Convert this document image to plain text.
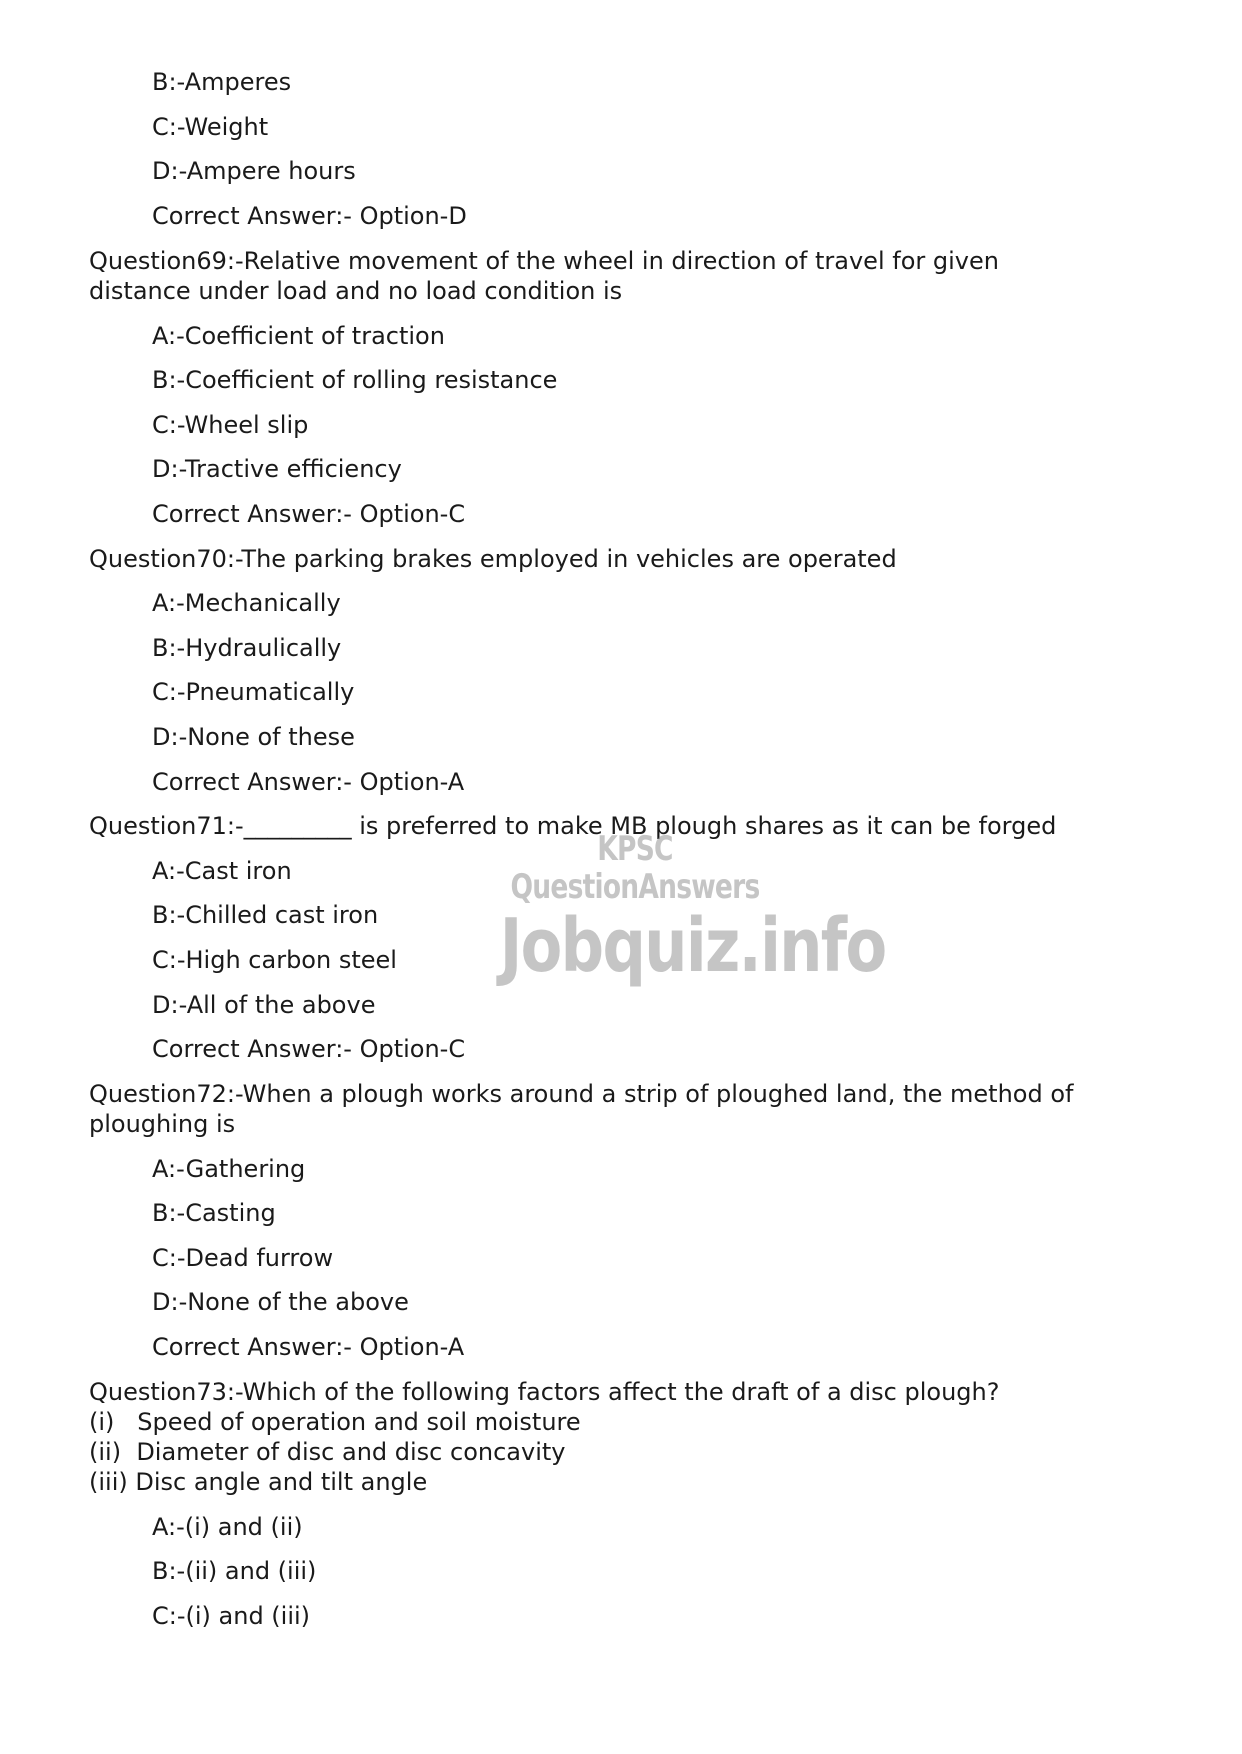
B:-Amperes
C:-Weight
D:-Ampere hours
Correct Answer:- Option-D
Question69:-Relative movement of the wheel in direction of travel for given
distance under load and no load condition is
A:-Coefficient of traction
B:-Coefficient of rolling resistance
C:-Wheel slip
D:-Tractive efficiency
Correct Answer:- Option-C
Question70:-The parking brakes employed in vehicles are operated
A:-Mechanically
B:-Hydraulically
C:-Pneumatically
D:-None of these
Correct Answer:- Option-A
Question71:-_________ is preferred to make MB plough shares as it can be forged
A:-Cast iron
B:-Chilled cast iron
C:-High carbon steel
D:-All of the above
Correct Answer:- Option-C
Question72:-When a plough works around a strip of ploughed land, the method of
ploughing is
A:-Gathering
B:-Casting
C:-Dead furrow
D:-None of the above
Correct Answer:- Option-A
Question73:-Which of the following factors affect the draft of a disc plough?
(i)   Speed of operation and soil moisture
(ii)  Diameter of disc and disc concavity
(iii) Disc angle and tilt angle
A:-(i) and (ii)
B:-(ii) and (iii)
C:-(i) and (iii)
KPSC QuestionAnswers
Jobquiz.info
